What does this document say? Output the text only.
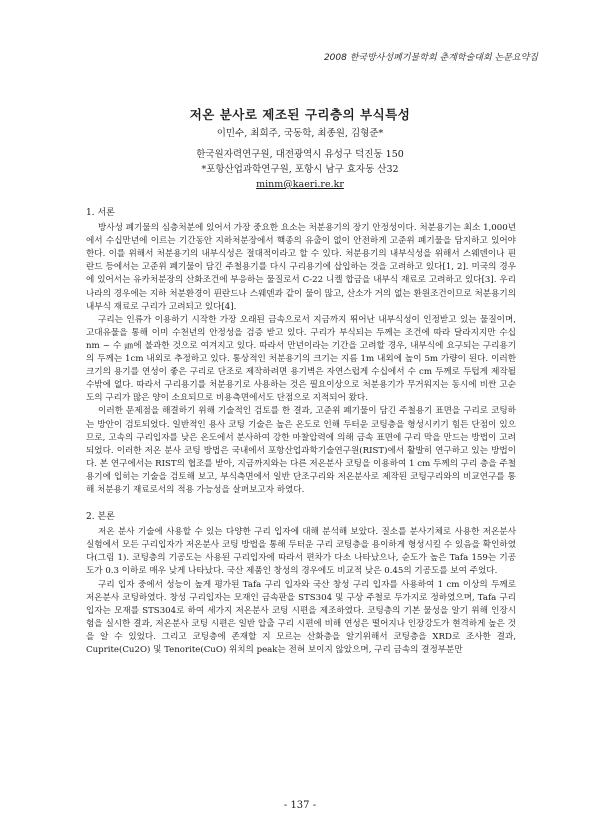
2008 한국방사성폐기물학회 춘계학술대회 논문요약집
저온 분사로 제조된 구리층의 부식특성
이민수, 최희주, 국동학, 최종원, 김형준*
한국원자력연구원, 대전광역시 유성구 덕진동 150
*포항산업과학연구원, 포항시 남구 효자동 산32
minm@kaeri.re.kr
1. 서론

방사성 폐기물의 심층처분에 있어서 가장 중요한 요소는 처분용기의 장기 안정성이다. 처분용기는 최소 1,000년에서 수십만년에 이르는 기간동안 지하처분장에서 핵종의 유출이 없이 안전하게 고준위 폐기물을 담지하고 있어야 한다. 이를 위해서 처분용기의 내부식성은 절대적이라고 할 수 있다. 처분용기의 내부식성을 위해서 스웨덴이나 핀란드 등에서는 고준위 폐기물이 담긴 주철용기를 다시 구리용기에 삽입하는 것을 고려하고 있다[1, 2]. 미국의 경우에 있어서는 유카처분장의 산화조건에 부응하는 물질로서 C-22 니켈 합금을 내부식 재료로 고려하고 있다[3]. 우리나라의 경우에는 지하 처분환경이 핀란드나 스웨덴과 같이 물이 많고, 산소가 거의 없는 환원조건이므로 처분용기의 내부식 재료로 구리가 고려되고 있다[4].

구리는 인류가 이용하기 시작한 가장 오래된 금속으로서 지금까지 뛰어난 내부식성이 인정받고 있는 물질이며, 고대유물을 통해 이미 수천년의 안정성을 검증 받고 있다. 구리가 부식되는 두께는 조건에 따라 달라지지만 수십 nm ~ 수 ㎛에 불과한 것으로 여겨지고 있다. 따라서 만년이라는 기간을 고려할 경우, 내부식에 요구되는 구리용기의 두께는 1cm 내외로 추정하고 있다. 통상적인 처분용기의 크기는 지름 1m 내외에 높이 5m 가량이 된다. 이러한 크기의 용기를 연성이 좋은 구리로 단조로 제작하려면 용기벽은 자연스럽게 수십에서 수 cm 두께로 두텁게 제작될 수밖에 없다. 따라서 구리용기를 처분용기로 사용하는 것은 필요이상으로 처분용기가 무거워지는 동시에 비싼 고순도의 구리가 많은 양이 소요되므로 비용측면에서도 단점으로 지적되어 왔다.

이러한 문제점을 해결하기 위해 기술적인 검토를 한 결과, 고준위 폐기물이 담긴 주철용기 표면을 구리로 코팅하는 방안이 검토되었다. 일반적인 용사 코팅 기술은 높은 온도로 인해 두터운 코팅층을 형성시키기 힘든 단점이 있으므로, 고속의 구리입자를 낮은 온도에서 분사하여 강한 마찰압력에 의해 금속 표면에 구리 막을 만드는 방법이 고려되었다. 이러한 저온 분사 코팅 방법은 국내에서 포항산업과학기술연구원(RIST)에서 활발히 연구하고 있는 방법이다. 본 연구에서는 RIST의 협조를 받아, 지금까지와는 다른 저온분사 코팅을 이용하여 1 cm 두께의 구리 층을 주철용기에 입히는 기술을 검토해 보고, 부식측면에서 일반 단조구리와 저온분사로 제작된 코팅구리와의 비교연구를 통해 처분용기 재료로서의 적용 가능성을 살펴보고자 하였다.

2. 본론

저온 분사 기술에 사용할 수 있는 다양한 구리 입자에 대해 분석해 보았다. 질소를 분사기체로 사용한 저온분사 실험에서 모든 구리입자가 저온분사 코팅 방법을 통해 두터운 구리 코팅층을 용이하게 형성시킬 수 있음을 확인하였다(그림 1). 코팅층의 기공도는 사용된 구리입자에 따라서 편차가 다소 나타났으나, 순도가 높은 Tafa 159는 기공도가 0.3 이하로 매우 낮게 나타났다. 국산 제품인 창성의 경우에도 비교적 낮은 0.45의 기공도를 보여 주었다.

구리 입자 중에서 성능이 높게 평가된 Tafa 구리 입자와 국산 창성 구리 입자를 사용하여 1 cm 이상의 두께로 저온분사 코팅하였다. 창성 구리입자는 모재인 금속판을 STS304 및 구상 주철로 두가지로 정하였으며, Tafa 구리 입자는 모재를 STS304로 하여 세가지 저온분사 코팅 시편을 제조하였다. 코팅층의 기본 물성을 알기 위해 인장시험을 실시한 결과, 저온분사 코팅 시편은 일반 압출 구리 시편에 비해 연성은 떨어지나 인장강도가 현격하게 높은 것을 알 수 있었다. 그리고 코팅층에 존재할 지 모르는 산화층을 알기위해서 코팅층을 XRD로 조사한 결과, Cuprite(Cu2O) 및 Tenorite(CuO) 위치의 peak는 전혀 보이지 않았으며, 구리 금속의 결정부분만

- 137 -
